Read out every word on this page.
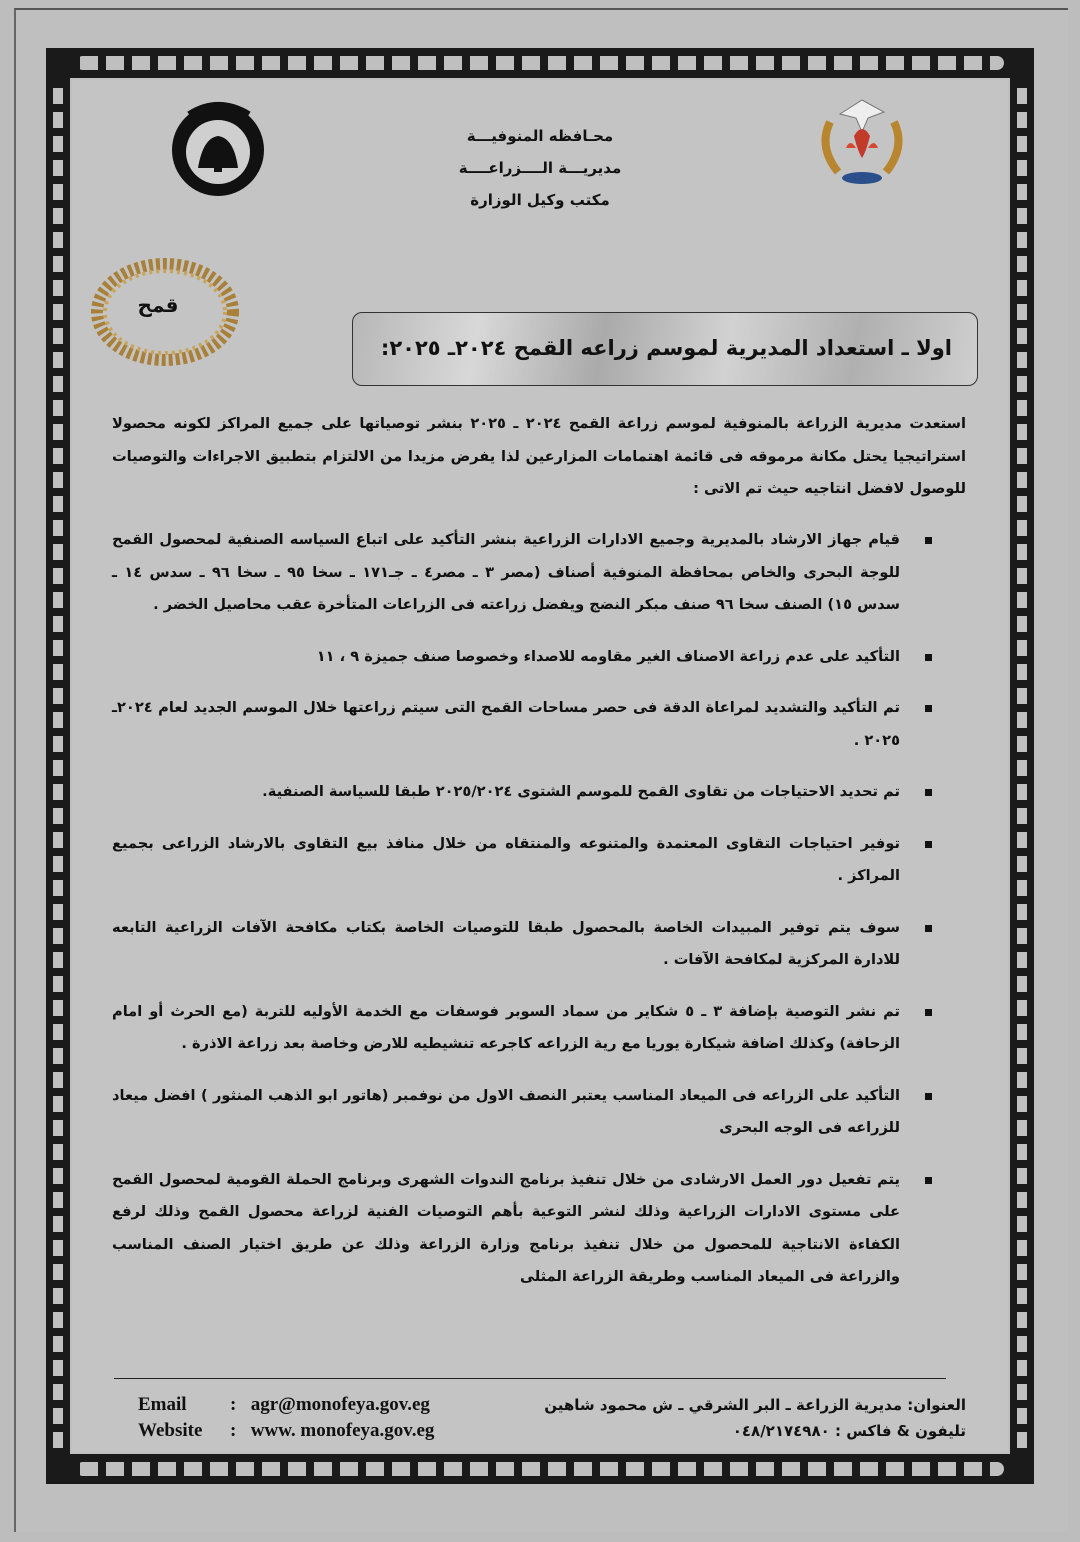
محـافظه المنوفيـــة
مديريـــة الــــزراعــــة
مكتب وكيل الوزارة
قمح
اولا ـ استعداد المديرية لموسم زراعه القمح ٢٠٢٤ـ ٢٠٢٥:
استعدت مديرية الزراعة بالمنوفية لموسم زراعة القمح ٢٠٢٤ ـ ٢٠٢٥ بنشر توصياتها على جميع المراكز لكونه محصولا استراتيجيا يحتل مكانة مرموقه فى قائمة اهتمامات المزارعين لذا يفرض مزيدا من الالتزام بتطبيق الاجراءات والتوصيات للوصول لافضل انتاجيه حيث تم الاتى :
قيام جهاز الارشاد بالمديرية وجميع الادارات الزراعية بنشر التأكيد على اتباع السياسه الصنفية لمحصول القمح للوجة البحرى والخاص بمحافظة المنوفية أصناف (مصر ٣ ـ مصر٤ ـ جـ١٧١ ـ سخا ٩٥ ـ سخا ٩٦ ـ سدس ١٤ ـ سدس ١٥) الصنف سخا ٩٦ صنف مبكر النضج ويفضل زراعته فى الزراعات المتأخرة عقب محاصيل الخضر .
التأكيد على عدم زراعة الاصناف الغير مقاومه للاصداء وخصوصا صنف جميزة ٩ ، ١١
تم التأكيد والتشديد لمراعاة الدقة فى حصر مساحات القمح التى سيتم زراعتها خلال الموسم الجديد لعام ٢٠٢٤ـ ٢٠٢٥ .
تم تحديد الاحتياجات من تقاوى القمح للموسم الشتوى ٢٠٢٥/٢٠٢٤ طبقا للسياسة الصنفية.
توفير احتياجات التقاوى المعتمدة والمتنوعه والمنتقاه من خلال منافذ بيع التقاوى بالارشاد الزراعى بجميع المراكز .
سوف يتم توفير المبيدات الخاصة بالمحصول طبقا للتوصيات الخاصة بكتاب مكافحة الآفات الزراعية التابعه للادارة المركزية لمكافحة الآفات .
تم نشر التوصية بإضافة ٣ ـ ٥ شكاير من سماد السوبر فوسفات مع الخدمة الأوليه للتربة (مع الحرث أو امام الزحافة) وكذلك اضافة شيكارة يوريا مع رية الزراعه كاجرعه تنشيطيه للارض وخاصة بعد زراعة الاذرة .
التأكيد على الزراعه فى الميعاد المناسب يعتبر النصف الاول من نوفمبر (هاتور ابو الذهب المنثور ) افضل ميعاد للزراعه فى الوجه البحرى
يتم تفعيل دور العمل الارشادى من خلال تنفيذ برنامج الندوات الشهرى وبرنامج الحملة القومية لمحصول القمح على مستوى الادارات الزراعية وذلك لنشر التوعية بأهم التوصيات الفنية لزراعة محصول القمح وذلك لرفع الكفاءة الانتاجية للمحصول من خلال تنفيذ برنامج وزارة الزراعة وذلك عن طريق اختيار الصنف المناسب والزراعة فى الميعاد المناسب وطريقة الزراعة المثلى
العنوان: مديرية الزراعة ـ البر الشرقي ـ ش محمود شاهين
تليفون & فاكس : ٠٤٨/٢١٧٤٩٨٠
Email : agr@monofeya.gov.eg
Website : www. monofeya.gov.eg
